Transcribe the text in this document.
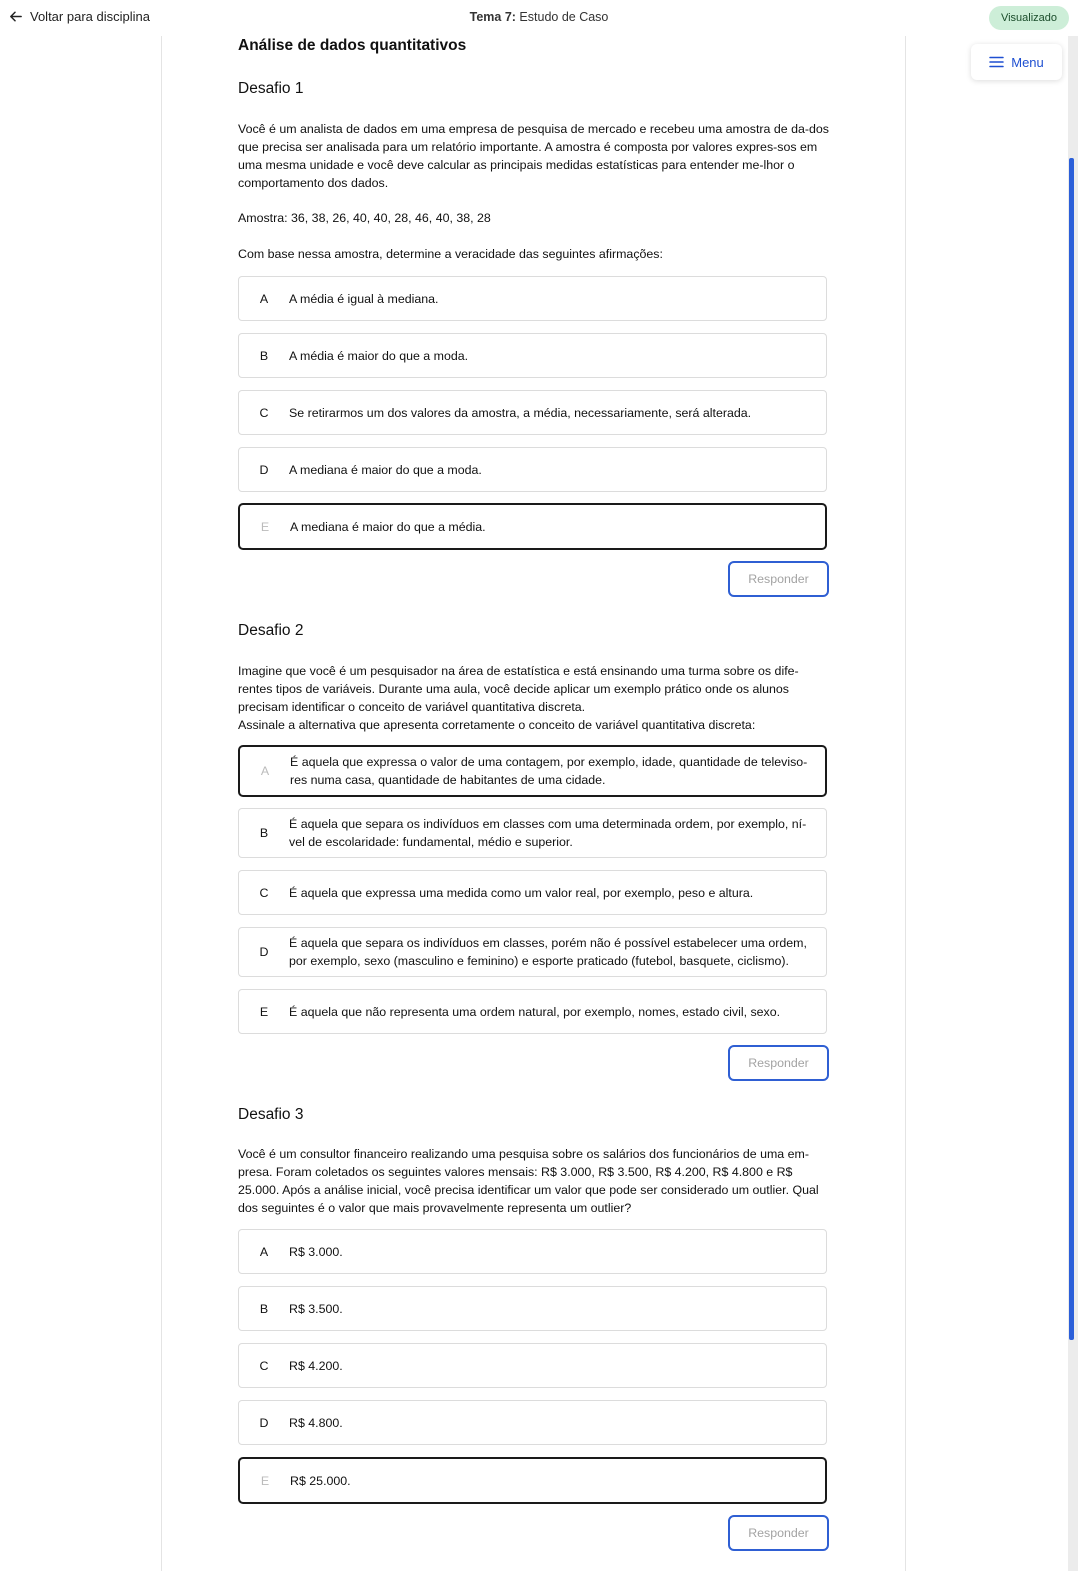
Voltar para disciplina	Tema 7: Estudo de Caso	Visualizado
Menu
Análise de dados quantitativos
Desafio 1

Você é um analista de dados em uma empresa de pesquisa de mercado e recebeu uma amostra de da-dos que precisa ser analisada para um relatório importante. A amostra é composta por valores expres-sos em uma mesma unidade e você deve calcular as principais medidas estatísticas para entender me-lhor o comportamento dos dados.

Amostra: 36, 38, 26, 40, 40, 28, 46, 40, 38, 28

Com base nessa amostra, determine a veracidade das seguintes afirmações:

A	A média é igual à mediana.
B	A média é maior do que a moda.
C	Se retirarmos um dos valores da amostra, a média, necessariamente, será alterada.
D	A mediana é maior do que a moda.
E	A mediana é maior do que a média.
Responder
Desafio 2

Imagine que você é um pesquisador na área de estatística e está ensinando uma turma sobre os dife-rentes tipos de variáveis. Durante uma aula, você decide aplicar um exemplo prático onde os alunos precisam identificar o conceito de variável quantitativa discreta.

Assinale a alternativa que apresenta corretamente o conceito de variável quantitativa discreta:

A
É aquela que expressa o valor de uma contagem, por exemplo, idade, quantidade de televiso-res numa casa, quantidade de habitantes de uma cidade.
B
É aquela que separa os indivíduos em classes com uma determinada ordem, por exemplo, ní-vel de escolaridade: fundamental, médio e superior.
C	É aquela que expressa uma medida como um valor real, por exemplo, peso e altura.
D
É aquela que separa os indivíduos em classes, porém não é possível estabelecer uma ordem, por exemplo, sexo (masculino e feminino) e esporte praticado (futebol, basquete, ciclismo).
E	É aquela que não representa uma ordem natural, por exemplo, nomes, estado civil, sexo.
Responder
Desafio 3

Você é um consultor financeiro realizando uma pesquisa sobre os salários dos funcionários de uma em-presa. Foram coletados os seguintes valores mensais: R$ 3.000, R$ 3.500, R$ 4.200, R$ 4.800 e R$ 25.000. Após a análise inicial, você precisa identificar um valor que pode ser considerado um outlier. Qual dos seguintes é o valor que mais provavelmente representa um outlier?

A	R$ 3.000.
B	R$ 3.500.
C	R$ 4.200.
D	R$ 4.800.
E	R$ 25.000.
Responder
